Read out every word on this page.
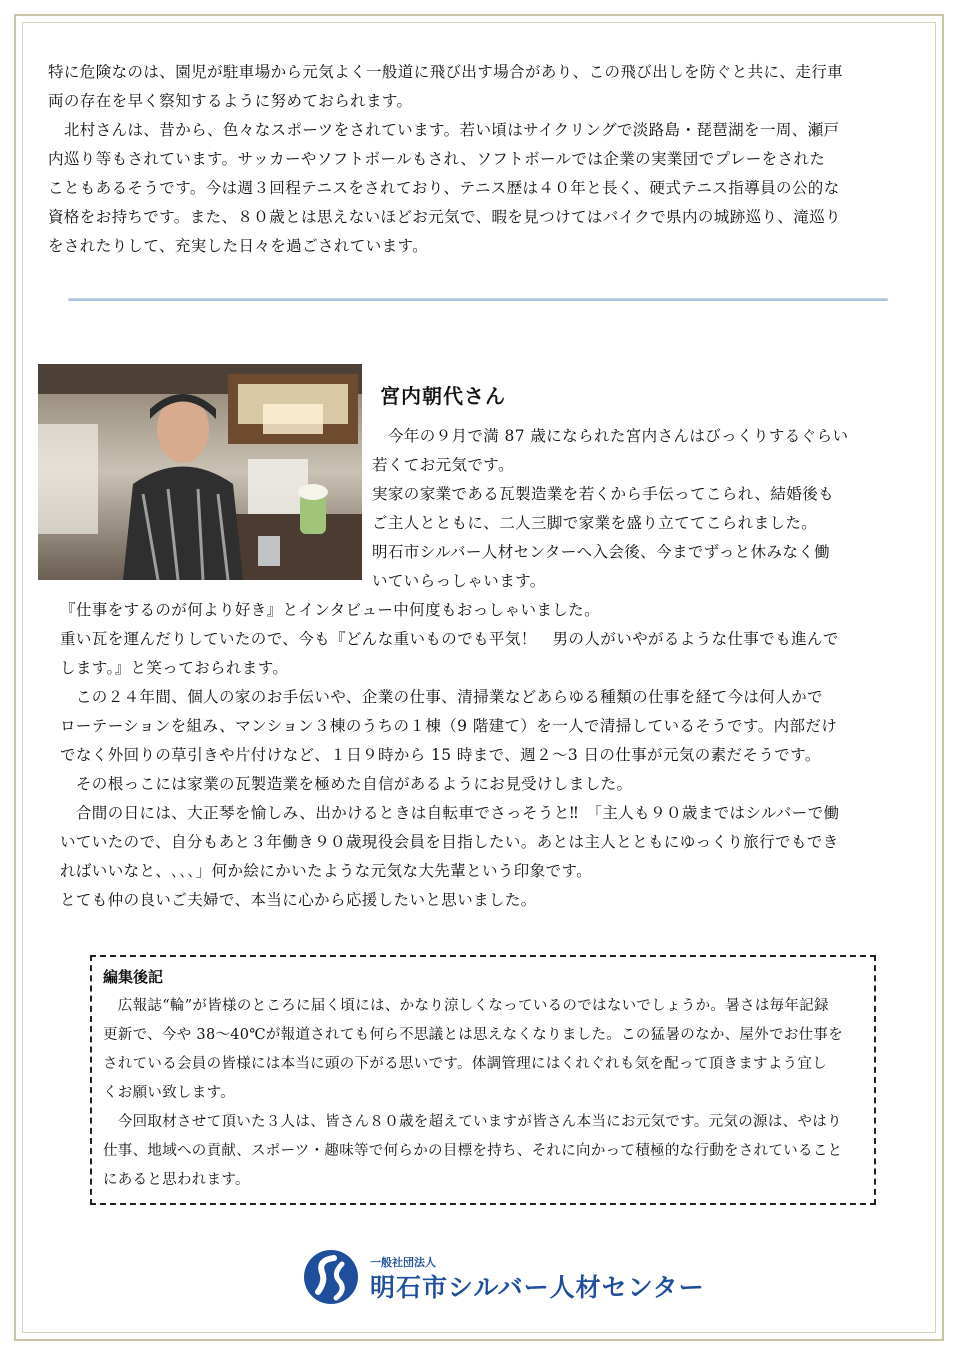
特に危険なのは、園児が駐車場から元気よく一般道に飛び出す場合があり、この飛び出しを防ぐと共に、走行車

両の存在を早く察知するように努めておられます。

　北村さんは、昔から、色々なスポーツをされています。若い頃はサイクリングで淡路島・琵琶湖を一周、瀬戸

内巡り等もされています。サッカーやソフトボールもされ、ソフトボールでは企業の実業団でプレーをされた

こともあるそうです。今は週３回程テニスをされており、テニス歴は４０年と長く、硬式テニス指導員の公的な

資格をお持ちです。また、８０歳とは思えないほどお元気で、暇を見つけてはバイクで県内の城跡巡り、滝巡り

をされたりして、充実した日々を過ごされています。

宮内朝代さん

　今年の９月で満 87 歳になられた宮内さんはびっくりするぐらい

若くてお元気です。

実家の家業である瓦製造業を若くから手伝ってこられ、結婚後も

ご主人とともに、二人三脚で家業を盛り立ててこられました。

明石市シルバー人材センターへ入会後、今までずっと休みなく働

いていらっしゃいます。

『仕事をするのが何より好き』とインタビュー中何度もおっしゃいました。

重い瓦を運んだりしていたので、今も『どんな重いものでも平気！　男の人がいやがるような仕事でも進んで

します。』と笑っておられます。

　この２４年間、個人の家のお手伝いや、企業の仕事、清掃業などあらゆる種類の仕事を経て今は何人かで

ローテーションを組み、マンション３棟のうちの１棟（9 階建て）を一人で清掃しているそうです。内部だけ

でなく外回りの草引きや片付けなど、１日９時から 15 時まで、週２～3 日の仕事が元気の素だそうです。

　その根っこには家業の瓦製造業を極めた自信があるようにお見受けしました。

　合間の日には、大正琴を愉しみ、出かけるときは自転車でさっそうと‼　「主人も９０歳まではシルバーで働

いていたので、自分もあと３年働き９０歳現役会員を目指したい。あとは主人とともにゆっくり旅行でもでき

ればいいなと、､､､」何か絵にかいたような元気な大先輩という印象です。

とても仲の良いご夫婦で、本当に心から応援したいと思いました。

編集後記

　広報誌“輪”が皆様のところに届く頃には、かなり涼しくなっているのではないでしょうか。暑さは毎年記録

更新で、今や 38～40℃が報道されても何ら不思議とは思えなくなりました。この猛暑のなか、屋外でお仕事を

されている会員の皆様には本当に頭の下がる思いです。体調管理にはくれぐれも気を配って頂きますよう宜し

くお願い致します。

　今回取材させて頂いた３人は、皆さん８０歳を超えていますが皆さん本当にお元気です。元気の源は、やはり

仕事、地域への貢献、スポーツ・趣味等で何らかの目標を持ち、それに向かって積極的な行動をされていること

にあると思われます。

一般社団法人
明石市シルバー人材センター
